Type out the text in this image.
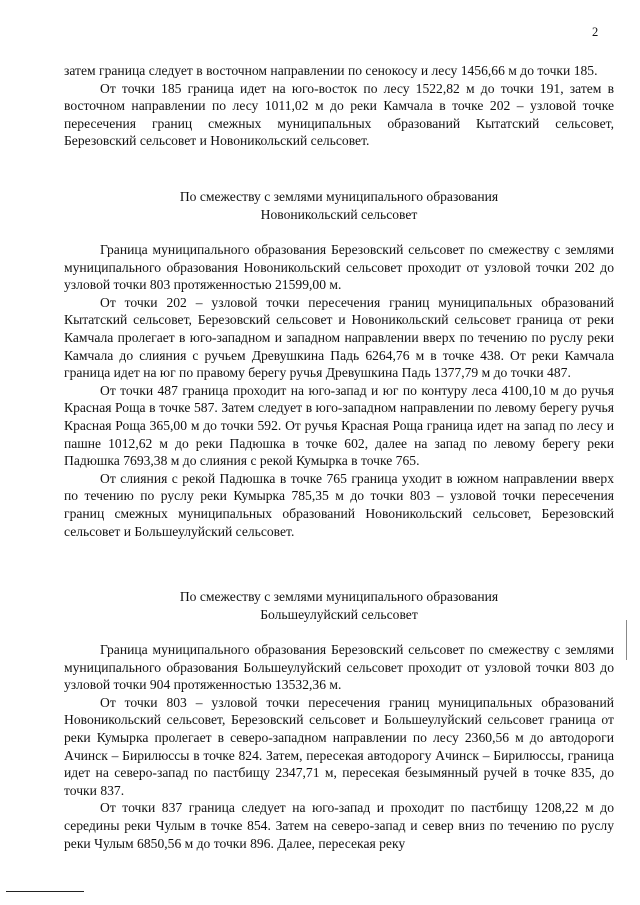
2

затем граница следует в восточном направлении по сенокосу и лесу 1456,66 м до точки 185.

От точки 185 граница идет на юго-восток по лесу 1522,82 м до точки 191, затем в восточном направлении по лесу 1011,02 м до реки Камчала в точке 202 – узловой точке пересечения границ смежных муниципальных образований Кытатский сельсовет, Березовский сельсовет и Новоникольский сельсовет.

По смежеству с землями муниципального образования
Новоникольский сельсовет

Граница муниципального образования Березовский сельсовет по смежеству с землями муниципального образования Новоникольский сельсовет проходит от узловой точки 202 до узловой точки 803 протяженностью 21599,00 м.

От точки 202 – узловой точки пересечения границ муниципальных образований Кытатский сельсовет, Березовский сельсовет и Новоникольский сельсовет граница от реки Камчала пролегает в юго-западном и западном направлении вверх по течению по руслу реки Камчала до слияния с ручьем Древушкина Падь 6264,76 м в точке 438. От реки Камчала граница идет на юг по правому берегу ручья Древушкина Падь 1377,79 м до точки 487.

От точки 487 граница проходит на юго-запад и юг по контуру леса 4100,10 м до ручья Красная Роща в точке 587. Затем следует в юго-западном направлении по левому берегу ручья Красная Роща 365,00 м до точки 592. От ручья Красная Роща граница идет на запад по лесу и пашне 1012,62 м до реки Падюшка в точке 602, далее на запад по левому берегу реки Падюшка 7693,38 м до слияния с рекой Кумырка в точке 765.

От слияния с рекой Падюшка в точке 765 граница уходит в южном направлении вверх по течению по руслу реки Кумырка 785,35 м до точки 803 – узловой точки пересечения границ смежных муниципальных образований Новоникольский сельсовет, Березовский сельсовет и Большеулуйский сельсовет.

По смежеству с землями муниципального образования
Большеулуйский сельсовет

Граница муниципального образования Березовский сельсовет по смежеству с землями муниципального образования Большеулуйский сельсовет проходит от узловой точки 803 до узловой точки 904 протяженностью 13532,36 м.

От точки 803 – узловой точки пересечения границ муниципальных образований Новоникольский сельсовет, Березовский сельсовет и Большеулуйский сельсовет граница от реки Кумырка пролегает в северо-западном направлении по лесу 2360,56 м до автодороги Ачинск – Бирилюссы в точке 824. Затем, пересекая автодорогу Ачинск – Бирилюссы, граница идет на северо-запад по пастбищу 2347,71 м, пересекая безымянный ручей в точке 835, до точки 837.

От точки 837 граница следует на юго-запад и проходит по пастбищу 1208,22 м до середины реки Чулым в точке 854. Затем на северо-запад и север вниз по течению по руслу реки Чулым 6850,56 м до точки 896. Далее, пересекая реку
